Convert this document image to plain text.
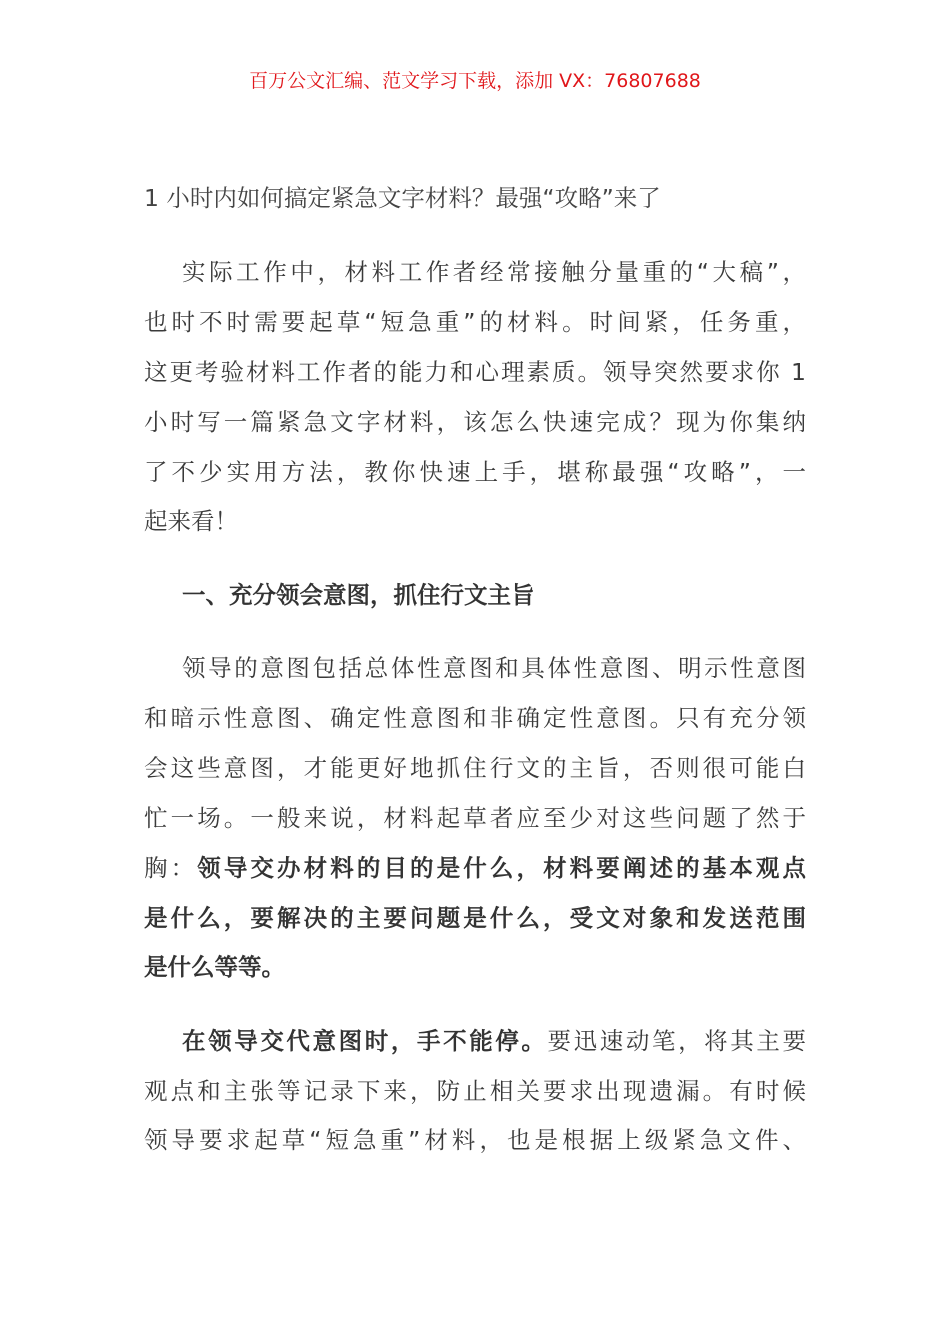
百万公文汇编、范文学习下载，添加 VX：76807688
1 小时内如何搞定紧急文字材料？最强“攻略”来了
实际工作中，材料工作者经常接触分量重的“大稿”，
也时不时需要起草“短急重”的材料。时间紧，任务重，
这更考验材料工作者的能力和心理素质。领导突然要求你 1
小时写一篇紧急文字材料，该怎么快速完成？现为你集纳
了不少实用方法，教你快速上手，堪称最强“攻略”，一
起来看！
一、充分领会意图，抓住行文主旨
领导的意图包括总体性意图和具体性意图、明示性意图
和暗示性意图、确定性意图和非确定性意图。只有充分领
会这些意图，才能更好地抓住行文的主旨，否则很可能白
忙一场。一般来说，材料起草者应至少对这些问题了然于
胸：领导交办材料的目的是什么，材料要阐述的基本观点
是什么，要解决的主要问题是什么，受文对象和发送范围
是什么等等。
在领导交代意图时，手不能停。要迅速动笔，将其主要
观点和主张等记录下来，防止相关要求出现遗漏。有时候
领导要求起草“短急重”材料，也是根据上级紧急文件、
